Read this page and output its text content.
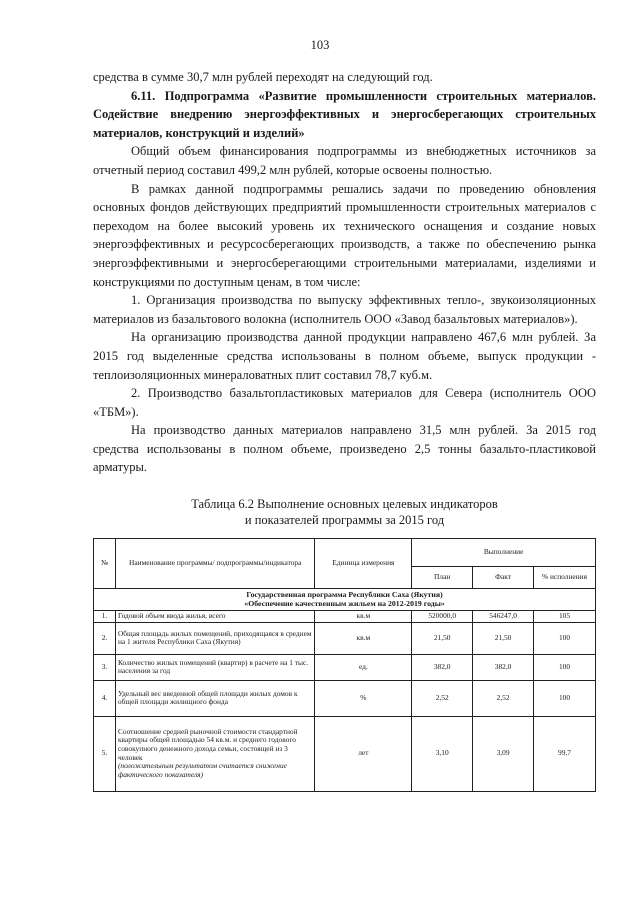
103

средства в сумме 30,7 млн рублей переходят на следующий год.

6.11. Подпрограмма «Развитие промышленности строительных материалов. Содействие внедрению энергоэффективных и энергосберегающих строительных материалов, конструкций и изделий»

Общий объем финансирования подпрограммы из внебюджетных источников за отчетный период составил 499,2 млн рублей, которые освоены полностью.

В рамках данной подпрограммы решались задачи по проведению обновления основных фондов действующих предприятий промышленности строительных материалов с переходом на более высокий уровень их технического оснащения и создание новых энергоэффективных и ресурсосберегающих производств, а также по обеспечению рынка энергоэффективными и энергосберегающими строительными материалами, изделиями и конструкциями по доступным ценам, в том числе:

1. Организация производства по выпуску эффективных тепло-, звукоизоляционных материалов из базальтового волокна (исполнитель ООО «Завод базальтовых материалов»).

На организацию производства данной продукции направлено 467,6 млн рублей. За 2015 год выделенные средства использованы в полном объеме, выпуск продукции - теплоизоляционных минераловатных плит составил 78,7 куб.м.

2. Производство базальтопластиковых материалов для Севера (исполнитель ООО «ТБМ»).

На производство данных материалов направлено 31,5 млн рублей. За 2015 год средства использованы в полном объеме, произведено 2,5 тонны базальто-пластиковой арматуры.

Таблица 6.2 Выполнение основных целевых индикаторов
и показателей программы за 2015 год
№	Наименование программы/ подпрограммы/индикатора	Единица измерения	Выполнение		
			План	Факт	% исполнения

Государственная программа Республики Саха (Якутия)
«Обеспечение качественным жильем на 2012-2019 годы»					

1.	Годовой объем ввода жилья, всего	кв.м	520000,0	546247,0	105
2.	Общая площадь жилых помещений, приходящаяся в среднем на 1 жителя Республики Саха (Якутия)	кв.м	21,50	21,50	100
3.	Количество жилых помещений (квартир) в расчете на 1 тыс. населения за год	ед.	382,0	382,0	100
4.	Удельный вес введенной общей площади жилых домов к общей площади жилищного фонда	%	2,52	2,52	100
5.	Соотношение средней рыночной стоимости стандартной квартиры общей площадью 54 кв.м. и среднего годового совокупного денежного дохода семьи, состоящей из 3 человек
(положительным результатом считается снижение фактического показателя)	лет	3,10	3,09	99,7
